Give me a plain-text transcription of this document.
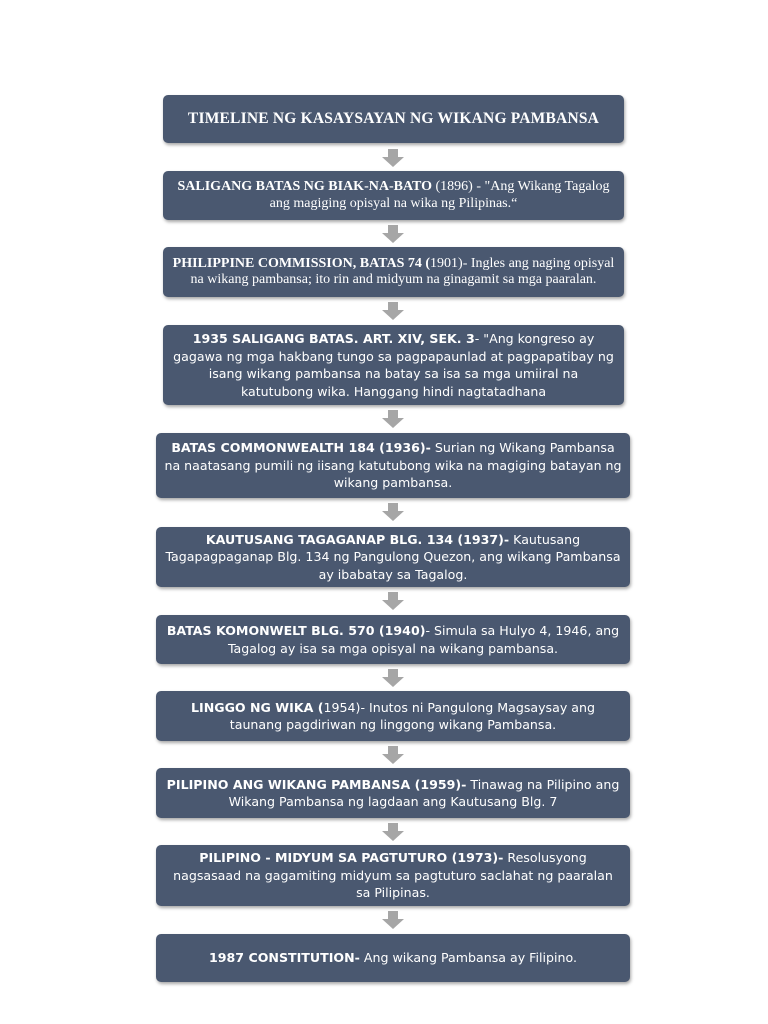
TIMELINE NG KASAYSAYAN NG WIKANG PAMBANSA
SALIGANG BATAS NG BIAK-NA-BATO (1896) - "Ang Wikang Tagalog ang magiging opisyal na wika ng Pilipinas.“
PHILIPPINE COMMISSION, BATAS 74 (1901)- Ingles ang naging opisyal na wikang pambansa; ito rin and midyum na ginagamit sa mga paaralan.
1935 SALIGANG BATAS. ART. XIV, SEK. 3- "Ang kongreso ay gagawa ng mga hakbang tungo sa pagpapaunlad at pagpapatibay ng isang wikang pambansa na batay sa isa sa mga umiiral na katutubong wika. Hanggang hindi nagtatadhana
BATAS COMMONWEALTH 184 (1936)- Surian ng Wikang Pambansa na naatasang pumili ng iisang katutubong wika na magiging batayan ng wikang pambansa.
KAUTUSANG TAGAGANAP BLG. 134 (1937)- Kautusang Tagapagpaganap Blg. 134 ng Pangulong Quezon, ang wikang Pambansa ay ibabatay sa Tagalog.
BATAS KOMONWELT BLG. 570 (1940)- Simula sa Hulyo 4, 1946, ang Tagalog ay isa sa mga opisyal na wikang pambansa.
LINGGO NG WIKA (1954)- Inutos ni Pangulong Magsaysay ang taunang pagdiriwan ng linggong wikang Pambansa.
PILIPINO ANG WIKANG PAMBANSA (1959)- Tinawag na Pilipino ang Wikang Pambansa ng lagdaan ang Kautusang Blg. 7
PILIPINO - MIDYUM SA PAGTUTURO (1973)- Resolusyong nagsasaad na gagamiting midyum sa pagtuturo saclahat ng paaralan sa Pilipinas.
1987 CONSTITUTION- Ang wikang Pambansa ay Filipino.
